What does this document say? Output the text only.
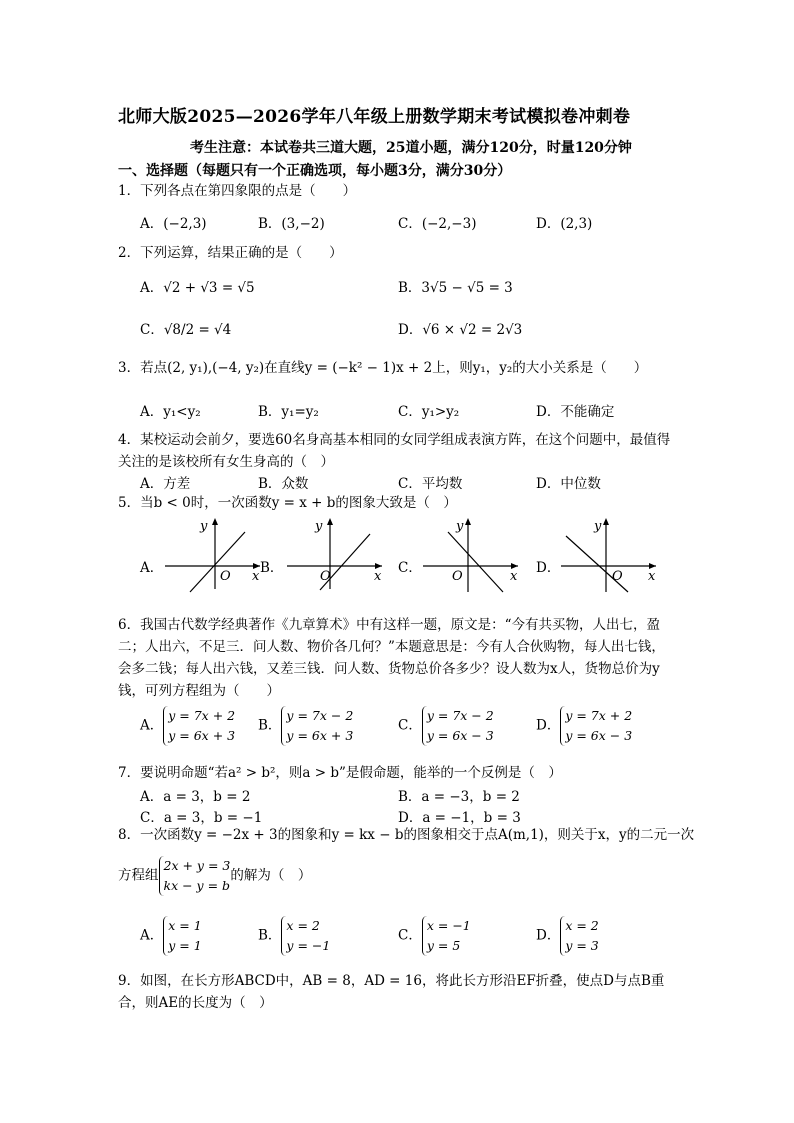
北师大版2025—2026学年八年级上册数学期末考试模拟卷冲刺卷
考生注意：本试卷共三道大题，25道小题，满分120分，时量120分钟
一、选择题（每题只有一个正确选项，每小题3分，满分30分）
1．下列各点在第四象限的点是（　　）
A．(−2,3)	B．(3,−2)	C．(−2,−3)	D．(2,3)
2．下列运算，结果正确的是（　　）
A．√2 + √3 = √5	B．3√5 − √5 = 3
C．√8/2 = √4	D．√6 × √2 = 2√3
3．若点(2, y₁),(−4, y₂)在直线y = (−k² − 1)x + 2上，则y₁，y₂的大小关系是（　　）
A．y₁<y₂	B．y₁=y₂	C．y₁>y₂	D．不能确定
4．某校运动会前夕，要选60名身高基本相同的女同学组成表演方阵，在这个问题中，最值得关注的是该校所有女生身高的（　）
A．方差	B．众数	C．平均数	D．中位数
5．当b < 0时，一次函数y = x + b的图象大致是（　）
A．	B．	C．	D．
y
O x
y
O	x
y
O	x
y
O x
6．我国古代数学经典著作《九章算术》中有这样一题，原文是：“今有共买物，人出七，盈二；人出六，不足三．问人数、物价各几何？”本题意思是：今有人合伙购物，每人出七钱，会多二钱；每人出六钱，又差三钱．问人数、货物总价各多少？设人数为x人，货物总价为y钱，可列方程组为（　　）
A．y = 7x + 2
y = 6x + 3
B．y = 7x − 2
y = 6x + 3
C．y = 7x − 2
y = 6x − 3
D．y = 7x + 2
y = 6x − 3
7．要说明命题“若a² > b²，则a > b”是假命题，能举的一个反例是（　）
A．a = 3，b = 2	B．a = −3，b = 2
C．a = 3，b = −1	D．a = −1，b = 3
8．一次函数y = −2x + 3的图象和y = kx − b的图象相交于点A(m,1)，则关于x，y的二元一次
方程组2x + y = 3
kx − y = b的解为（　）
A．x = 1
y = 1
B．x = 2
y = −1
C．x = −1
y = 5
D．x = 2
y = 3
9．如图，在长方形ABCD中，AB = 8，AD = 16，将此长方形沿EF折叠，使点D与点B重合，则AE的长度为（　）
